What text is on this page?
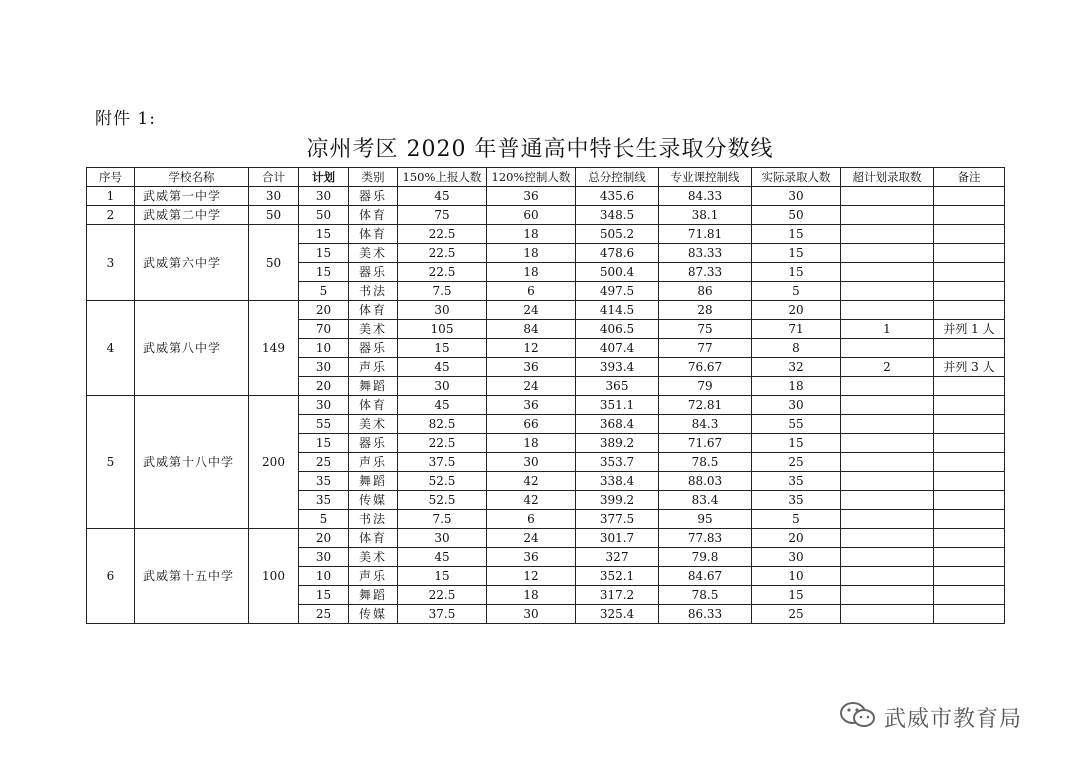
附件 1:
凉州考区 2020 年普通高中特长生录取分数线
序号	学校名称	合计	计划	类别	150%上报人数	120%控制人数	总分控制线	专业课控制线	实际录取人数	超计划录取数	备注
1	武威第一中学	30	30	器乐	45	36	435.6	84.33	30		
2	武威第二中学	50	50	体育	75	60	348.5	38.1	50		
3	武威第六中学	50	15	体育	22.5	18	505.2	71.81	15		
			15	美术	22.5	18	478.6	83.33	15		
			15	器乐	22.5	18	500.4	87.33	15		
			5	书法	7.5	6	497.5	86	5		
4	武威第八中学	149	20	体育	30	24	414.5	28	20		
			70	美术	105	84	406.5	75	71	1	并列 1 人
			10	器乐	15	12	407.4	77	8		
			30	声乐	45	36	393.4	76.67	32	2	并列 3 人
			20	舞蹈	30	24	365	79	18		
5	武威第十八中学	200	30	体育	45	36	351.1	72.81	30		
			55	美术	82.5	66	368.4	84.3	55		
			15	器乐	22.5	18	389.2	71.67	15		
			25	声乐	37.5	30	353.7	78.5	25		
			35	舞蹈	52.5	42	338.4	88.03	35		
			35	传媒	52.5	42	399.2	83.4	35		
			5	书法	7.5	6	377.5	95	5		
6	武威第十五中学	100	20	体育	30	24	301.7	77.83	20		
			30	美术	45	36	327	79.8	30		
			10	声乐	15	12	352.1	84.67	10		
			15	舞蹈	22.5	18	317.2	78.5	15		
			25	传媒	37.5	30	325.4	86.33	25		
武威市教育局
